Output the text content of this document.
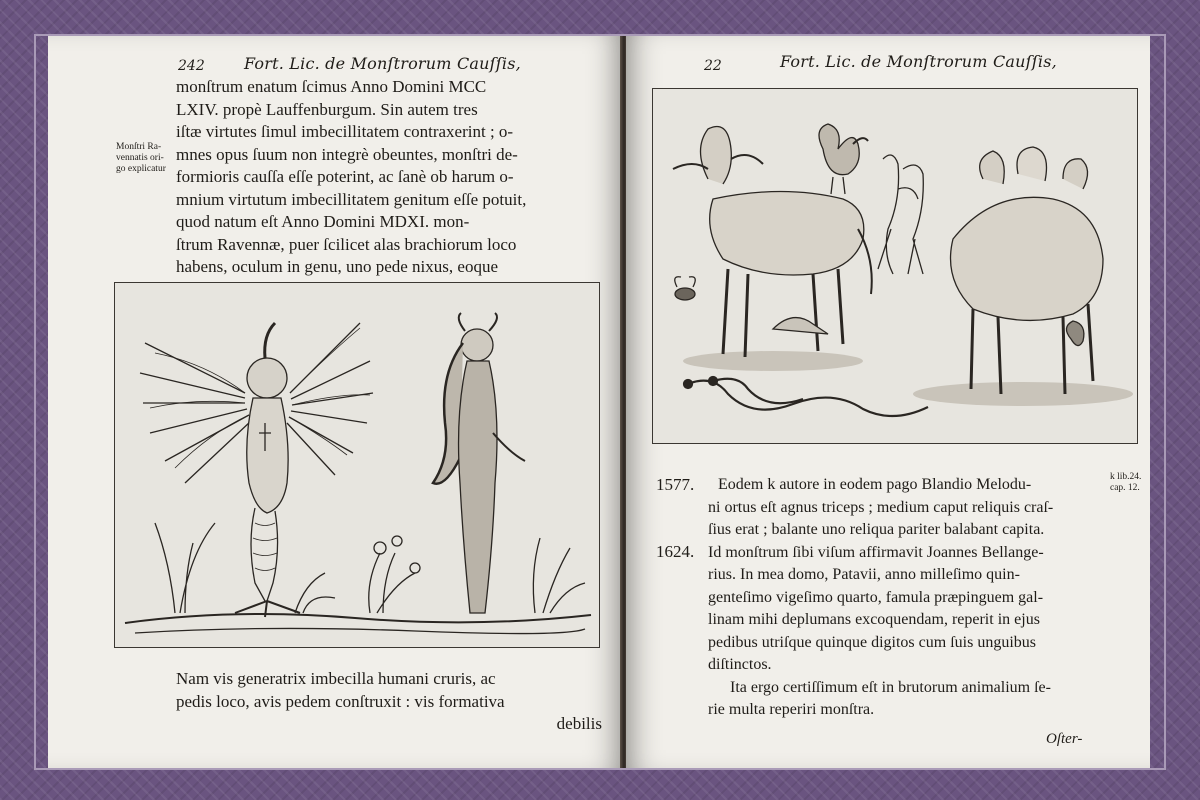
242 Fort. Lic. de Monſtrorum Cauſſis,
Monſtri Ra-
vennatis ori-
go explicatur
monſtrum enatum ſcimus Anno Domini MCC
LXIV. propè Lauffenburgum. Sin autem tres
iſtæ virtutes ſimul imbecillitatem contraxerint ; o-
mnes opus ſuum non integrè obeuntes, monſtri de-
formioris cauſſa eſſe poterint, ac ſanè ob harum o-
mnium virtutum imbecillitatem genitum eſſe potuit,
quod natum eſt Anno Domini MDXI. mon-
ſtrum Ravennæ, puer ſcilicet alas brachiorum loco
habens, oculum in genu, uno pede nixus, eoque
Nam vis generatrix imbecilla humani cruris, ac
pedis loco, avis pedem conſtruxit : vis formativa
debilis
22	Fort. Lic. de Monſtrorum Cauſſis,
1577.
1624.
k lib.24.
cap. 12.
Eodem k autore in eodem pago Blandio Melodu-
ni ortus eſt agnus triceps ; medium caput reliquis craſ-
ſius erat ; balante uno reliqua pariter balabant capita.
Id monſtrum ſibi viſum affirmavit Joannes Bellange-
rius. In mea domo, Patavii, anno milleſimo quin-
genteſimo vigeſimo quarto, famula præpinguem gal-
linam mihi deplumans excoquendam, reperit in ejus
pedibus utriſque quinque digitos cum ſuis unguibus
diſtinctos.
Ita ergo certiſſimum eſt in brutorum animalium ſe-
rie multa reperiri monſtra.
Oſter-
